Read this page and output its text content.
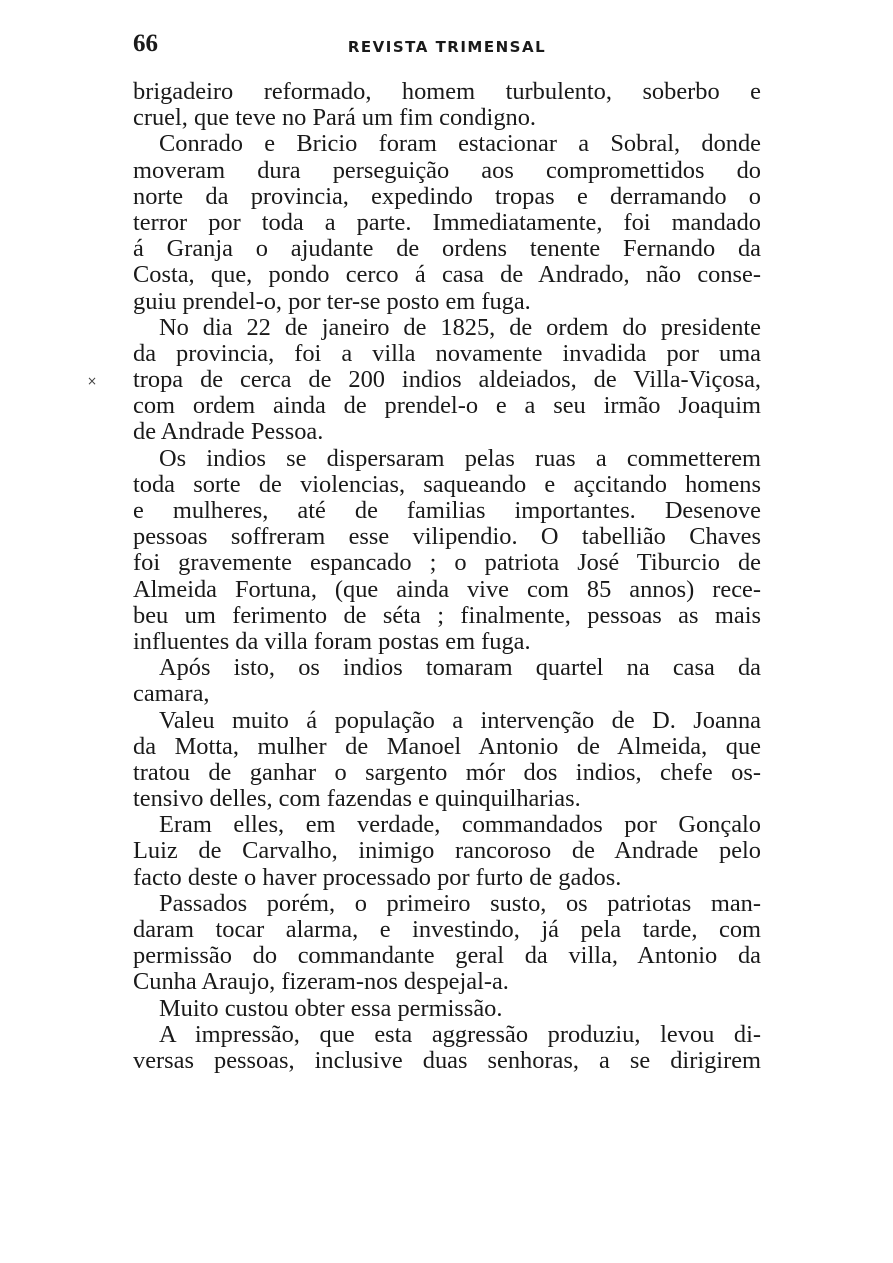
66	REVISTA TRIMENSAL
brigadeiro reformado, homem turbulento, soberbo e
cruel, que teve no Pará um fim condigno.
Conrado e Bricio foram estacionar a Sobral, donde
moveram dura perseguição aos compromettidos do
norte da provincia, expedindo tropas e derramando o
terror por toda a parte. Immediatamente, foi mandado
á Granja o ajudante de ordens tenente Fernando da
Costa, que, pondo cerco á casa de Andrado, não conse-
guiu prendel-o, por ter-se posto em fuga.
No dia 22 de janeiro de 1825, de ordem do presidente
da provincia, foi a villa novamente invadida por uma
tropa de cerca de 200 indios aldeiados, de Villa-Viçosa,
com ordem ainda de prendel-o e a seu irmão Joaquim
de Andrade Pessoa.
Os indios se dispersaram pelas ruas a commetterem
toda sorte de violencias, saqueando e açcitando homens
e mulheres, até de familias importantes. Desenove
pessoas soffreram esse vilipendio. O tabellião Chaves
foi gravemente espancado ; o patriota José Tiburcio de
Almeida Fortuna, (que ainda vive com 85 annos) rece-
beu um ferimento de séta ; finalmente, pessoas as mais
influentes da villa foram postas em fuga.
Após isto, os indios tomaram quartel na casa da
camara,
Valeu muito á população a intervenção de D. Joanna
da Motta, mulher de Manoel Antonio de Almeida, que
tratou de ganhar o sargento mór dos indios, chefe os-
tensivo delles, com fazendas e quinquilharias.
Eram elles, em verdade, commandados por Gonçalo
Luiz de Carvalho, inimigo rancoroso de Andrade pelo
facto deste o haver processado por furto de gados.
Passados porém, o primeiro susto, os patriotas man-
daram tocar alarma, e investindo, já pela tarde, com
permissão do commandante geral da villa, Antonio da
Cunha Araujo, fizeram-nos despejal-a.
Muito custou obter essa permissão.
A impressão, que esta aggressão produziu, levou di-
versas pessoas, inclusive duas senhoras, a se dirigirem
×
